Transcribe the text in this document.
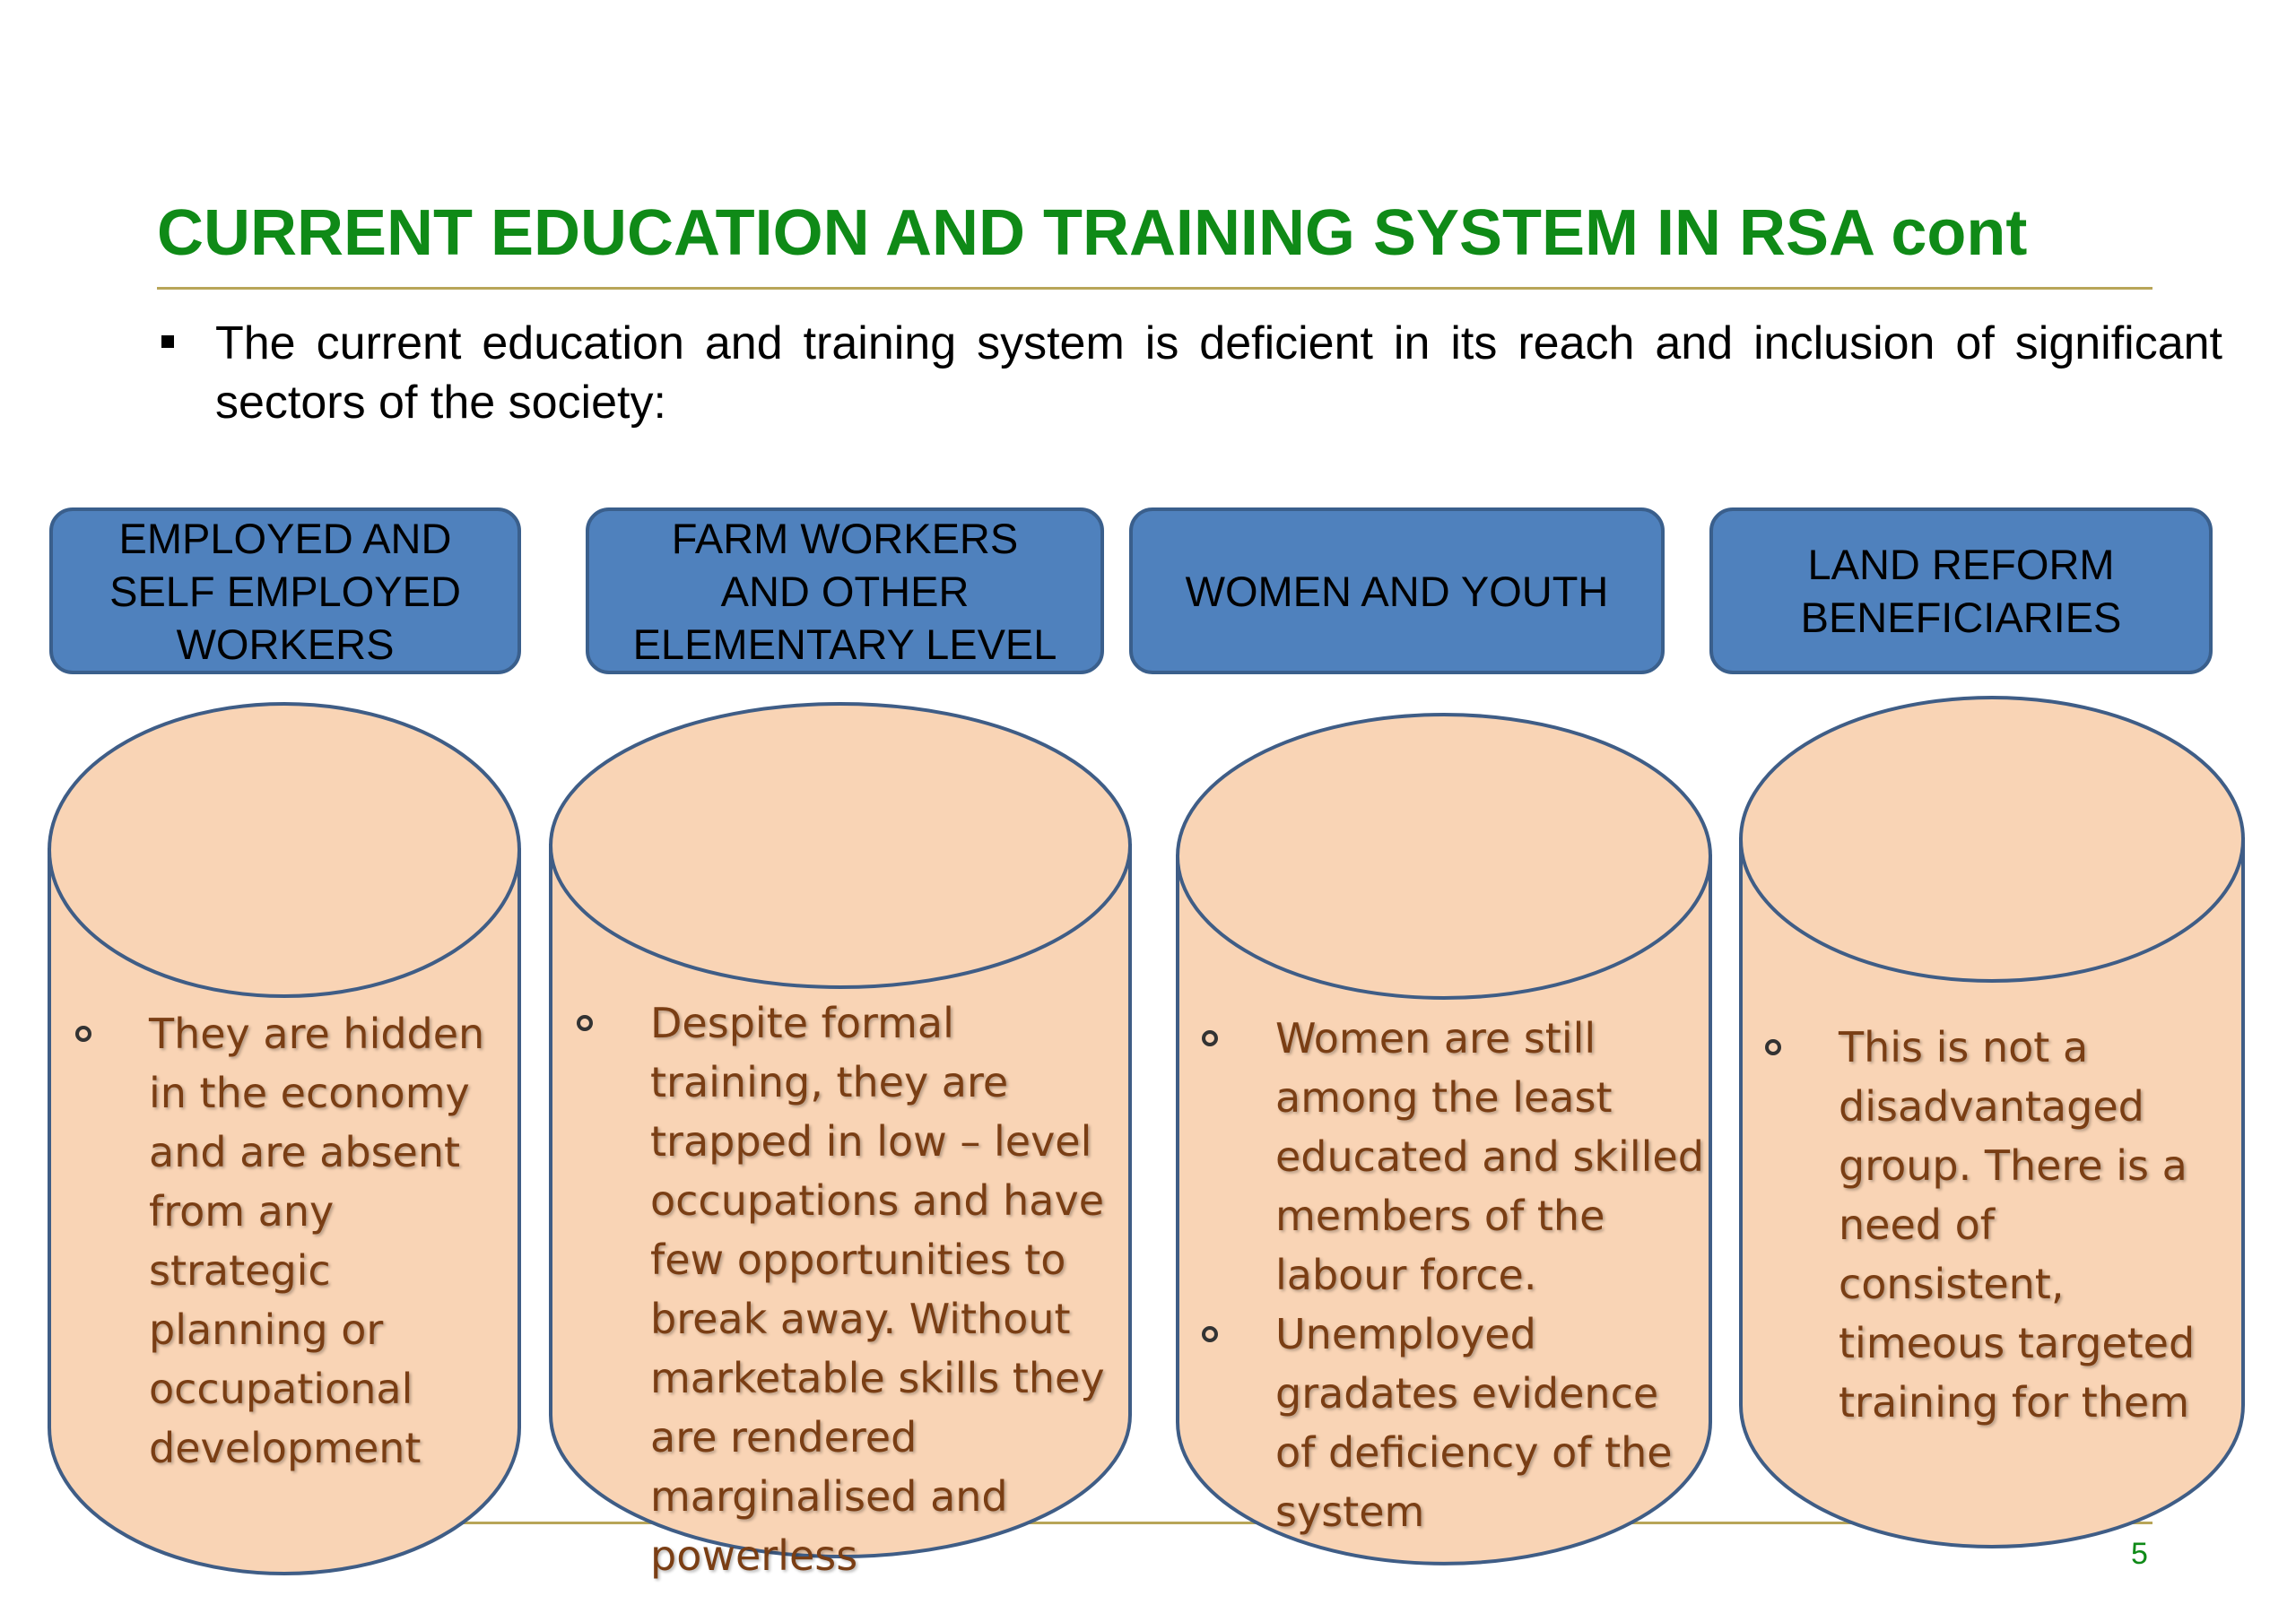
CURRENT EDUCATION AND TRAINING SYSTEM IN RSA cont

The current education and training system is deficient in its reach and inclusion of significant sectors of the society:

EMPLOYED AND
SELF EMPLOYED
WORKERS
FARM WORKERS
AND OTHER
ELEMENTARY LEVEL
WOMEN AND YOUTH
LAND REFORM
BENEFICIARIES
They are hidden in the economy and are absent from any strategic planning or occupational development
Despite formal training, they are trapped in low – level occupations and have few opportunities to break away. Without marketable skills they are rendered marginalised and powerless
Women are still among the least educated and skilled members of the labour force.
Unemployed gradates evidence of deficiency of the system
This is not a disadvantaged group. There is a need of consistent, timeous targeted training for them
5
